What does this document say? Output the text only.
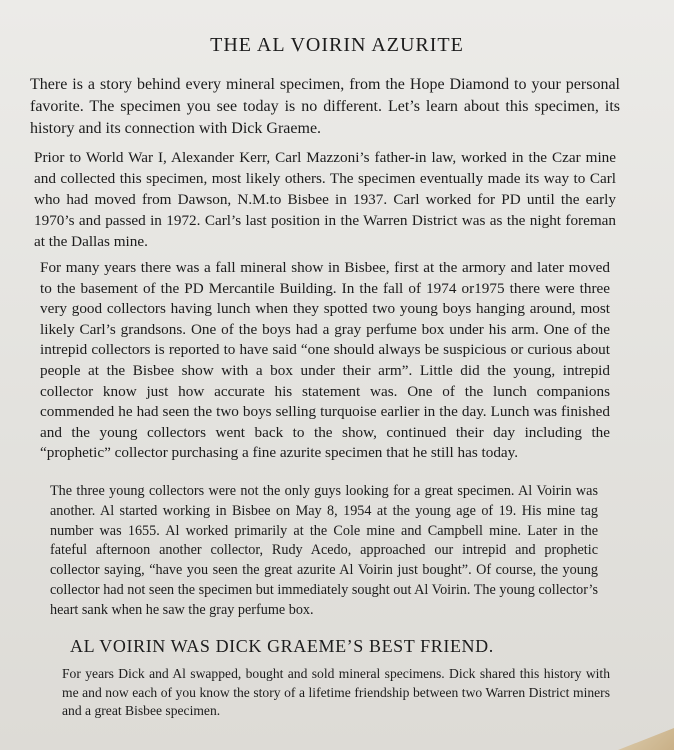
THE AL VOIRIN AZURITE

There is a story behind every mineral specimen, from the Hope Diamond to your personal favorite. The specimen you see today is no different. Let’s learn about this specimen, its history and its connection with Dick Graeme.

Prior to World War I, Alexander Kerr, Carl Mazzoni’s father-in law, worked in the Czar mine and collected this specimen, most likely others. The specimen eventually made its way to Carl who had moved from Dawson, N.M.to Bisbee in 1937. Carl worked for PD until the early 1970’s and passed in 1972. Carl’s last position in the Warren District was as the night foreman at the Dallas mine.

For many years there was a fall mineral show in Bisbee, first at the armory and later moved to the basement of the PD Mercantile Building. In the fall of 1974 or1975 there were three very good collectors having lunch when they spotted two young boys hanging around, most likely Carl’s grandsons. One of the boys had a gray perfume box under his arm. One of the intrepid collectors is reported to have said “one should always be suspicious or curious about people at the Bisbee show with a box under their arm”. Little did the young, intrepid collector know just how accurate his statement was. One of the lunch companions commended he had seen the two boys selling turquoise earlier in the day. Lunch was finished and the young collectors went back to the show, continued their day including the “prophetic” collector purchasing a fine azurite specimen that he still has today.

The three young collectors were not the only guys looking for a great specimen. Al Voirin was another. Al started working in Bisbee on May 8, 1954 at the young age of 19. His mine tag number was 1655. Al worked primarily at the Cole mine and Campbell mine. Later in the fateful afternoon another collector, Rudy Acedo, approached our intrepid and prophetic collector saying, “have you seen the great azurite Al Voirin just bought”. Of course, the young collector had not seen the specimen but immediately sought out Al Voirin. The young collector’s heart sank when he saw the gray perfume box.

AL VOIRIN WAS DICK GRAEME’S BEST FRIEND.

For years Dick and Al swapped, bought and sold mineral specimens. Dick shared this history with me and now each of you know the story of a lifetime friendship between two Warren District miners and a great Bisbee specimen.
